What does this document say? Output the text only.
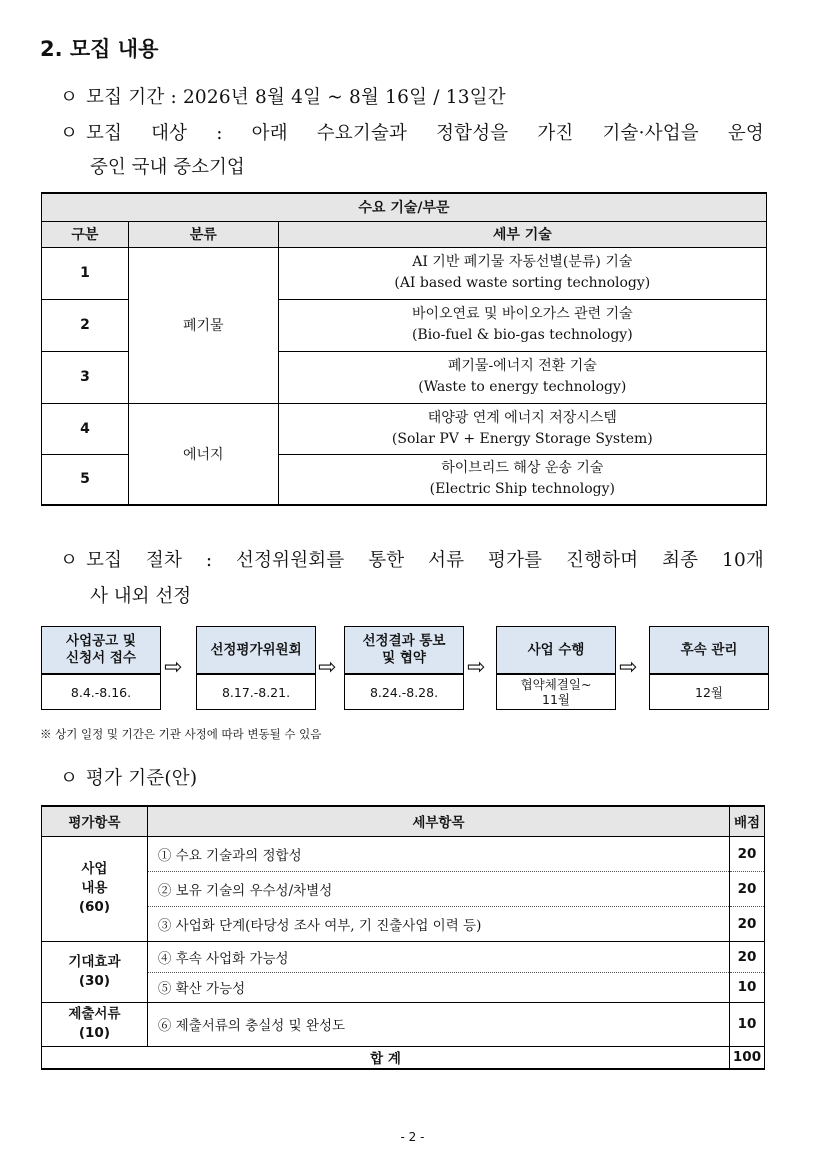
2. 모집 내용
ㅇ 모집 기간 : 2026년 8월 4일 ~ 8월 16일 / 13일간
ㅇ 모집 대상 : 아래 수요기술과 정합성을 가진 기술·사업을 운영
중인 국내 중소기업
수요 기술/부문		
구분	분류	세부 기술
1	폐기물	AI 기반 폐기물 자동선별(분류) 기술
(AI based waste sorting technology)

2		바이오연료 및 바이오가스 관련 기술
(Bio-fuel & bio-gas technology)

3		폐기물-에너지 전환 기술
(Waste to energy technology)

4	에너지	태양광 연계 에너지 저장시스템
(Solar PV + Energy Storage System)

5		하이브리드 해상 운송 기술
(Electric Ship technology)
ㅇ 모집 절차 : 선정위원회를 통한 서류 평가를 진행하며 최종 10개
사 내외 선정
사업공고 및
신청서 접수
8.4.-8.16.
⇨
선정평가위원회
8.17.-8.21.
⇨
선정결과 통보
및 협약
8.24.-8.28.
⇨
사업 수행
협약체결일~
11월
⇨
후속 관리
12월
※ 상기 일정 및 기간은 기관 사정에 따라 변동될 수 있음
ㅇ 평가 기준(안)
평가항목	세부항목	배점

사업
내용
(60)	① 수요 기술과의 정합성	20
	② 보유 기술의 우수성/차별성	20
	③ 사업화 단계(타당성 조사 여부, 기 진출사업 이력 등)	20

기대효과
(30)	④ 후속 사업화 가능성	20
	⑤ 확산 가능성	10

제출서류
(10)	⑥ 제출서류의 충실성 및 완성도	10
합 계		100
- 2 -
